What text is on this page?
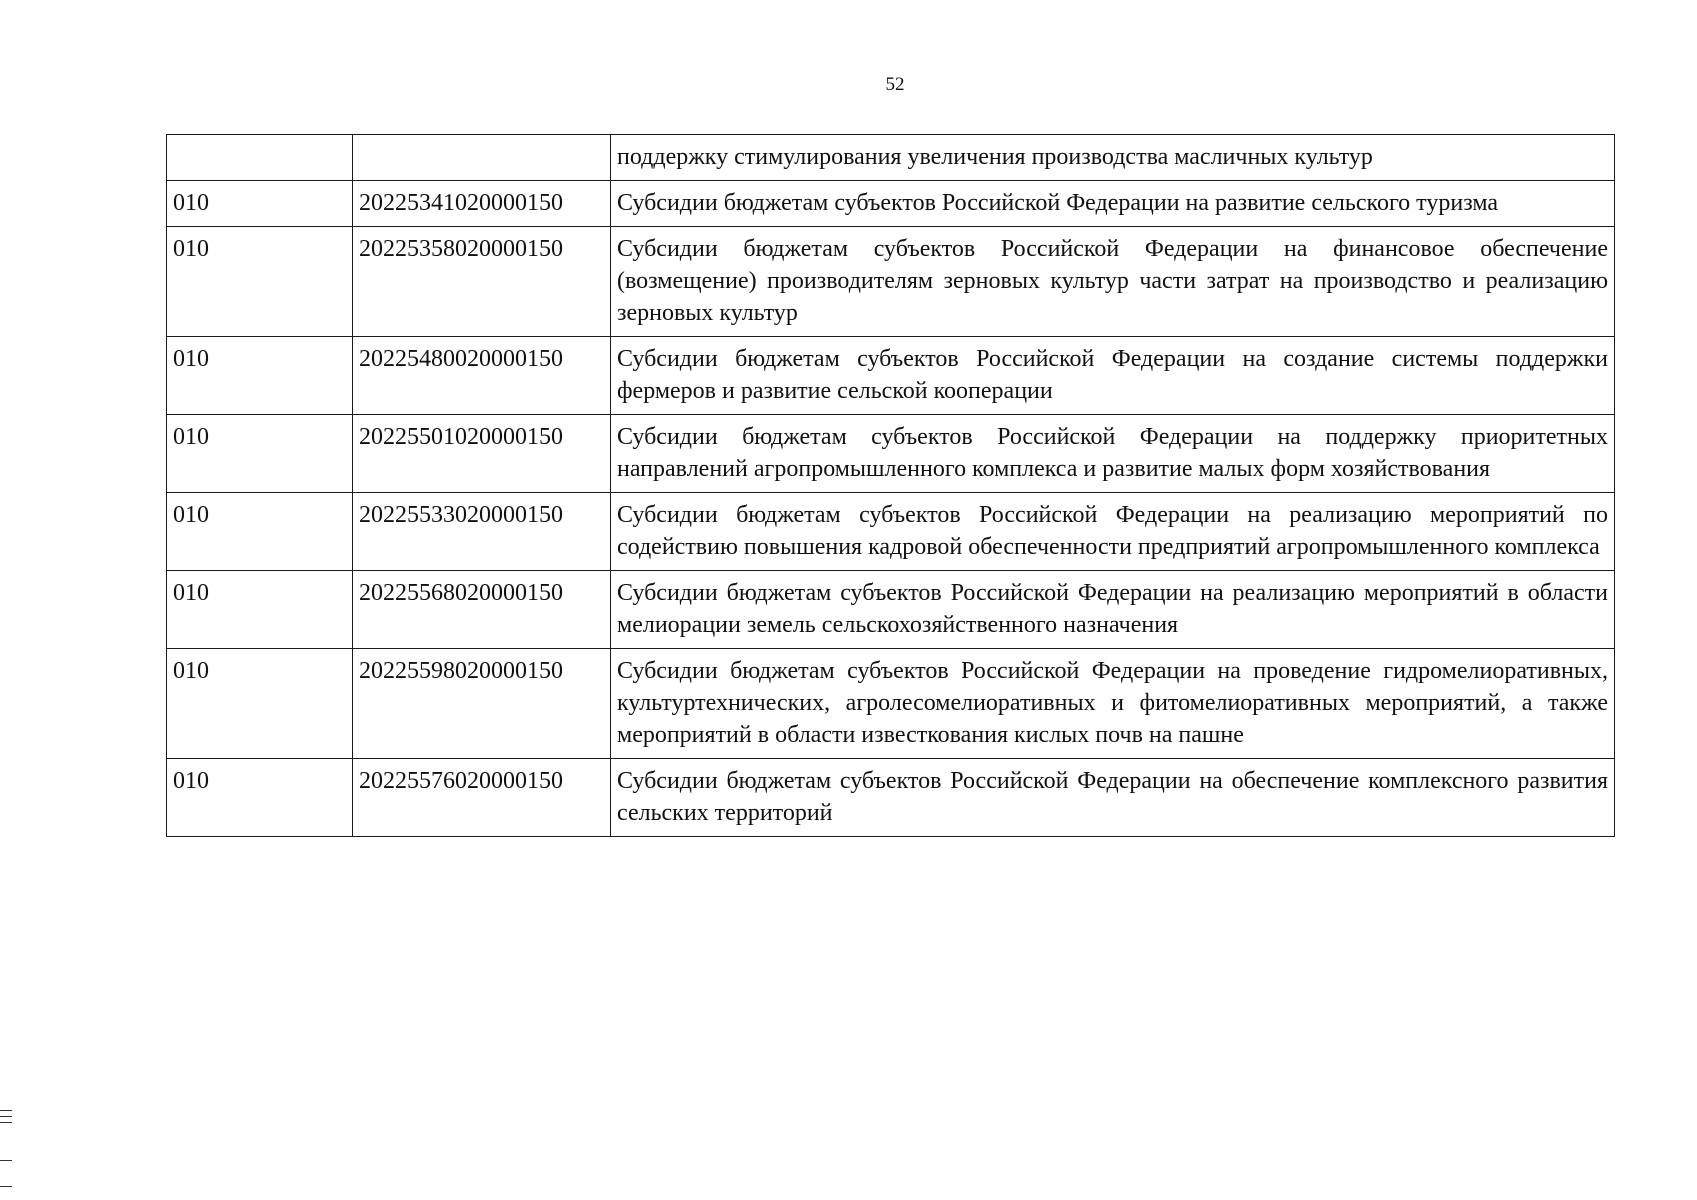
52
		поддержку стимулирования увеличения производства масличных культур
010	20225341020000150	Субсидии бюджетам субъектов Российской Федерации на развитие сельского туризма
010	20225358020000150	Субсидии бюджетам субъектов Российской Федерации на финансовое обеспечение (возмещение) производителям зерновых культур части затрат на производство и реализацию зерновых культур
010	20225480020000150	Субсидии бюджетам субъектов Российской Федерации на создание системы поддержки фермеров и развитие сельской кооперации
010	20225501020000150	Субсидии бюджетам субъектов Российской Федерации на поддержку приоритетных направлений агропромышленного комплекса и развитие малых форм хозяйствования
010	20225533020000150	Субсидии бюджетам субъектов Российской Федерации на реализацию мероприятий по содействию повышения кадровой обеспеченности предприятий агропромышленного комплекса
010	20225568020000150	Субсидии бюджетам субъектов Российской Федерации на реализацию мероприятий в области мелиорации земель сельскохозяйственного назначения
010	20225598020000150	Субсидии бюджетам субъектов Российской Федерации на проведение гидромелиоративных, культуртехнических, агролесомелиоративных и фитомелиоративных мероприятий, а также мероприятий в области известкования кислых почв на пашне
010	20225576020000150	Субсидии бюджетам субъектов Российской Федерации на обеспечение комплексного развития сельских территорий
